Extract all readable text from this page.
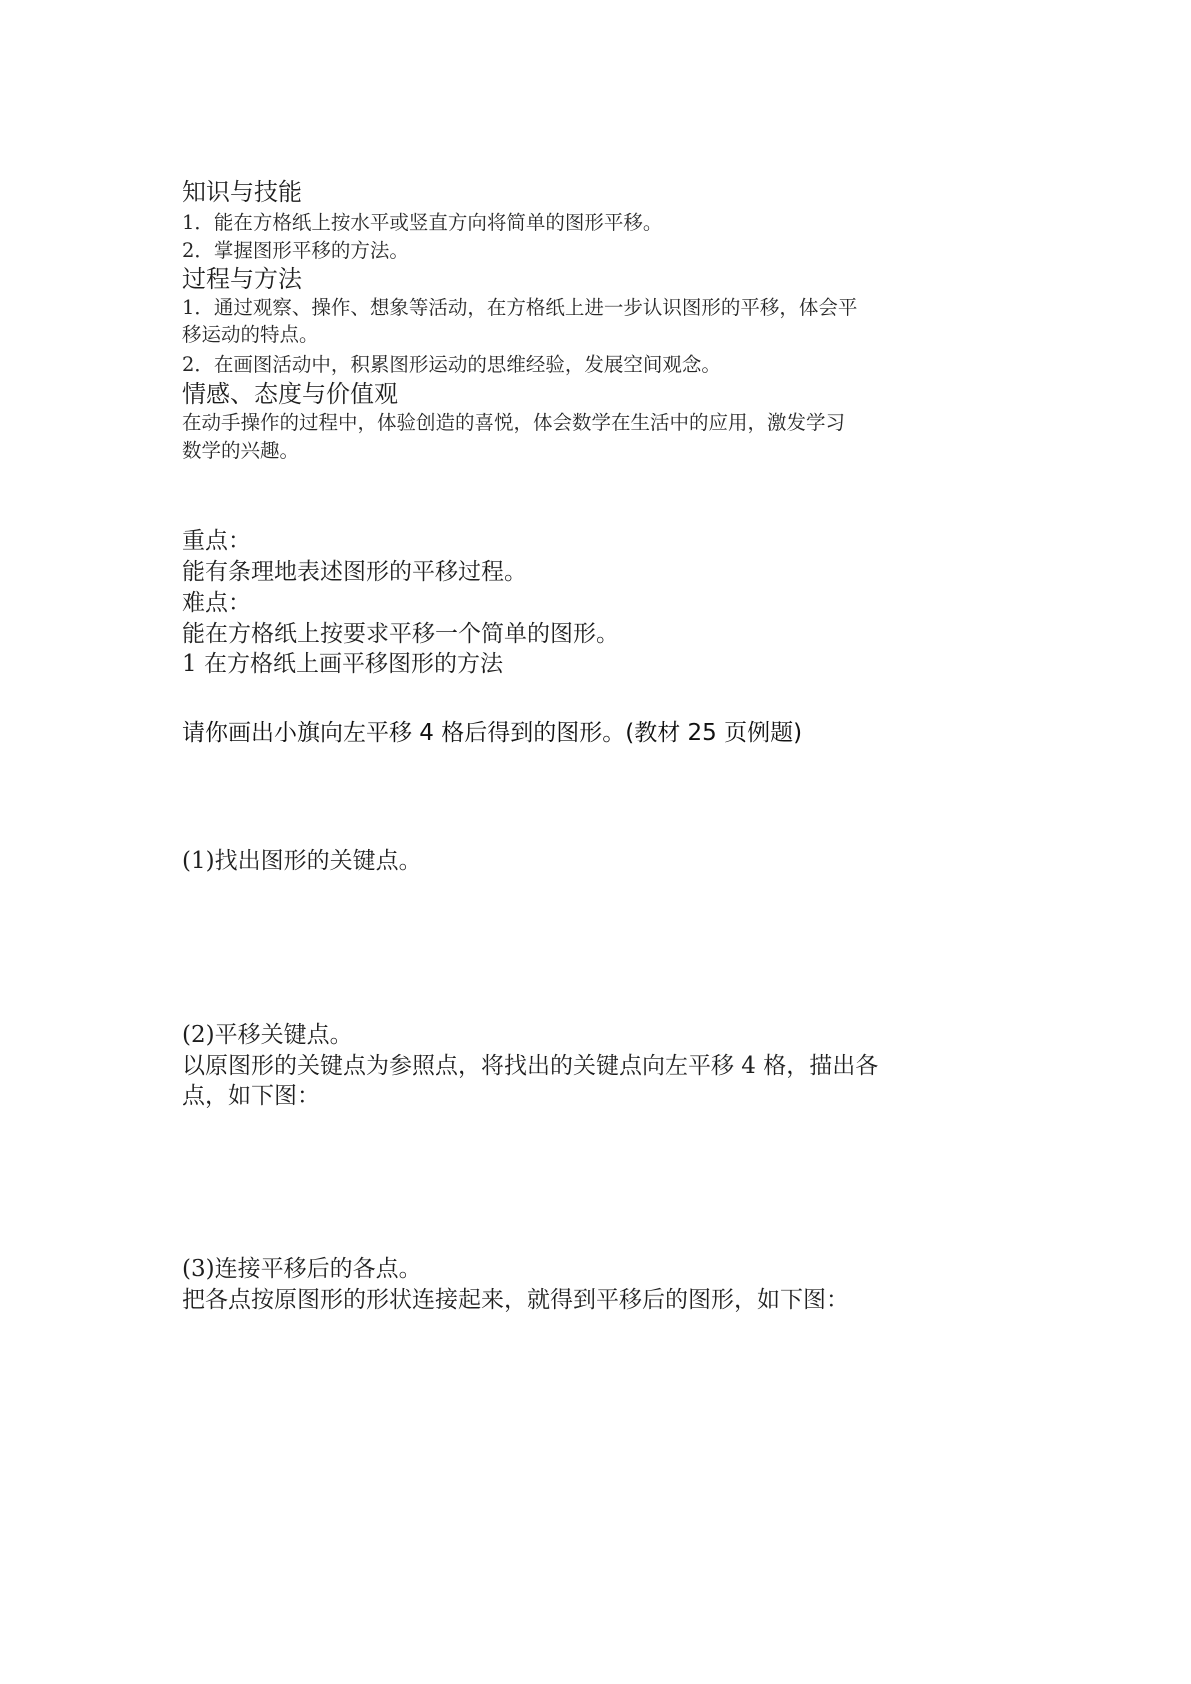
知识与技能
1．能在方格纸上按水平或竖直方向将简单的图形平移。
2．掌握图形平移的方法。
过程与方法
1．通过观察、操作、想象等活动，在方格纸上进一步认识图形的平移，体会平
移运动的特点。
2．在画图活动中，积累图形运动的思维经验，发展空间观念。
情感、态度与价值观
在动手操作的过程中，体验创造的喜悦，体会数学在生活中的应用，激发学习
数学的兴趣。
重点：
能有条理地表述图形的平移过程。
难点：
能在方格纸上按要求平移一个简单的图形。
1 在方格纸上画平移图形的方法
请你画出小旗向左平移 4 格后得到的图形。(教材 25 页例题)
(1)找出图形的关键点。
(2)平移关键点。
以原图形的关键点为参照点，将找出的关键点向左平移 4 格，描出各
点，如下图：
(3)连接平移后的各点。
把各点按原图形的形状连接起来，就得到平移后的图形，如下图：
